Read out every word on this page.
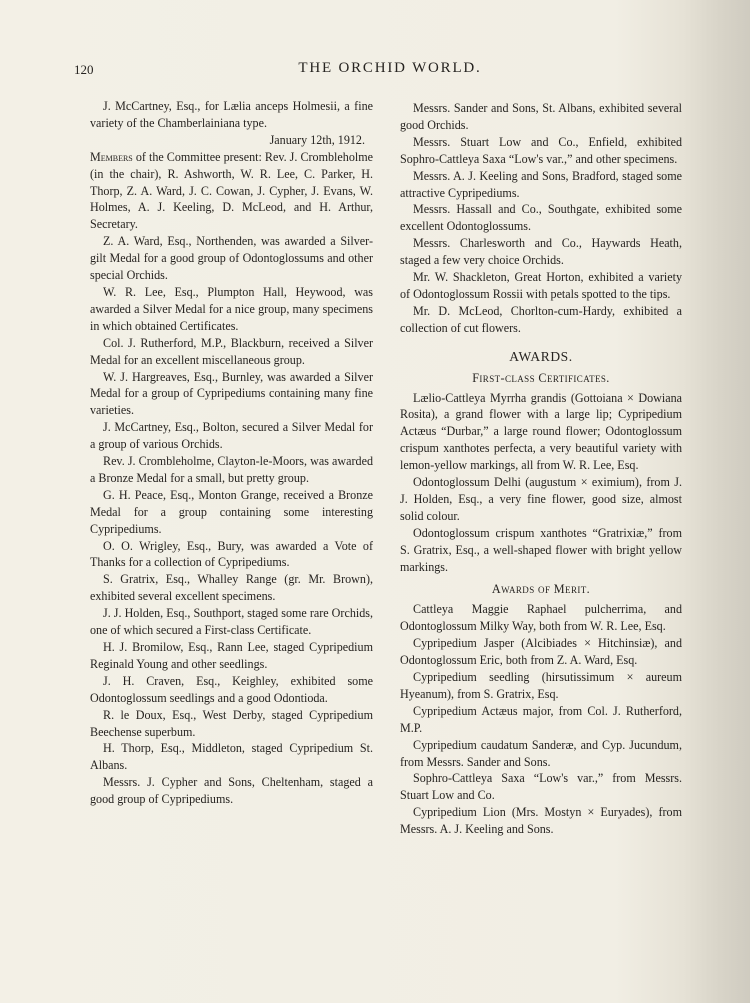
120	THE ORCHID WORLD.

J. McCartney, Esq., for Lælia anceps Holmesii, a fine variety of the Chamberlainiana type.

January 12th, 1912.

Members of the Committee present: Rev. J. Crombleholme (in the chair), R. Ashworth, W. R. Lee, C. Parker, H. Thorp, Z. A. Ward, J. C. Cowan, J. Cypher, J. Evans, W. Holmes, A. J. Keeling, D. McLeod, and H. Arthur, Secretary.

Z. A. Ward, Esq., Northenden, was awarded a Silver-gilt Medal for a good group of Odontoglossums and other special Orchids.

W. R. Lee, Esq., Plumpton Hall, Heywood, was awarded a Silver Medal for a nice group, many specimens in which obtained Certificates.

Col. J. Rutherford, M.P., Blackburn, received a Silver Medal for an excellent miscellaneous group.

W. J. Hargreaves, Esq., Burnley, was awarded a Silver Medal for a group of Cypripediums containing many fine varieties.

J. McCartney, Esq., Bolton, secured a Silver Medal for a group of various Orchids.

Rev. J. Crombleholme, Clayton-le-Moors, was awarded a Bronze Medal for a small, but pretty group.

G. H. Peace, Esq., Monton Grange, received a Bronze Medal for a group containing some interesting Cypripediums.

O. O. Wrigley, Esq., Bury, was awarded a Vote of Thanks for a collection of Cypripediums.

S. Gratrix, Esq., Whalley Range (gr. Mr. Brown), exhibited several excellent specimens.

J. J. Holden, Esq., Southport, staged some rare Orchids, one of which secured a First-class Certificate.

H. J. Bromilow, Esq., Rann Lee, staged Cypripedium Reginald Young and other seedlings.

J. H. Craven, Esq., Keighley, exhibited some Odontoglossum seedlings and a good Odontioda.

R. le Doux, Esq., West Derby, staged Cypripedium Beechense superbum.

H. Thorp, Esq., Middleton, staged Cypripedium St. Albans.

Messrs. J. Cypher and Sons, Cheltenham, staged a good group of Cypripediums.

Messrs. Sander and Sons, St. Albans, exhibited several good Orchids.

Messrs. Stuart Low and Co., Enfield, exhibited Sophro-Cattleya Saxa “Low's var.,” and other specimens.

Messrs. A. J. Keeling and Sons, Bradford, staged some attractive Cypripediums.

Messrs. Hassall and Co., Southgate, exhibited some excellent Odontoglossums.

Messrs. Charlesworth and Co., Haywards Heath, staged a few very choice Orchids.

Mr. W. Shackleton, Great Horton, exhibited a variety of Odontoglossum Rossii with petals spotted to the tips.

Mr. D. McLeod, Chorlton-cum-Hardy, exhibited a collection of cut flowers.

AWARDS.

First-class Certificates.

Lælio-Cattleya Myrrha grandis (Gottoiana × Dowiana Rosita), a grand flower with a large lip; Cypripedium Actæus “Durbar,” a large round flower; Odontoglossum crispum xanthotes perfecta, a very beautiful variety with lemon-yellow markings, all from W. R. Lee, Esq.

Odontoglossum Delhi (augustum × eximium), from J. J. Holden, Esq., a very fine flower, good size, almost solid colour.

Odontoglossum crispum xanthotes “Gratrixiæ,” from S. Gratrix, Esq., a well-shaped flower with bright yellow markings.

Awards of Merit.

Cattleya Maggie Raphael pulcherrima, and Odontoglossum Milky Way, both from W. R. Lee, Esq.

Cypripedium Jasper (Alcibiades × Hitchinsiæ), and Odontoglossum Eric, both from Z. A. Ward, Esq.

Cypripedium seedling (hirsutissimum × aureum Hyeanum), from S. Gratrix, Esq.

Cypripedium Actæus major, from Col. J. Rutherford, M.P.

Cypripedium caudatum Sanderæ, and Cyp. Jucundum, from Messrs. Sander and Sons.

Sophro-Cattleya Saxa “Low's var.,” from Messrs. Stuart Low and Co.

Cypripedium Lion (Mrs. Mostyn × Euryades), from Messrs. A. J. Keeling and Sons.
